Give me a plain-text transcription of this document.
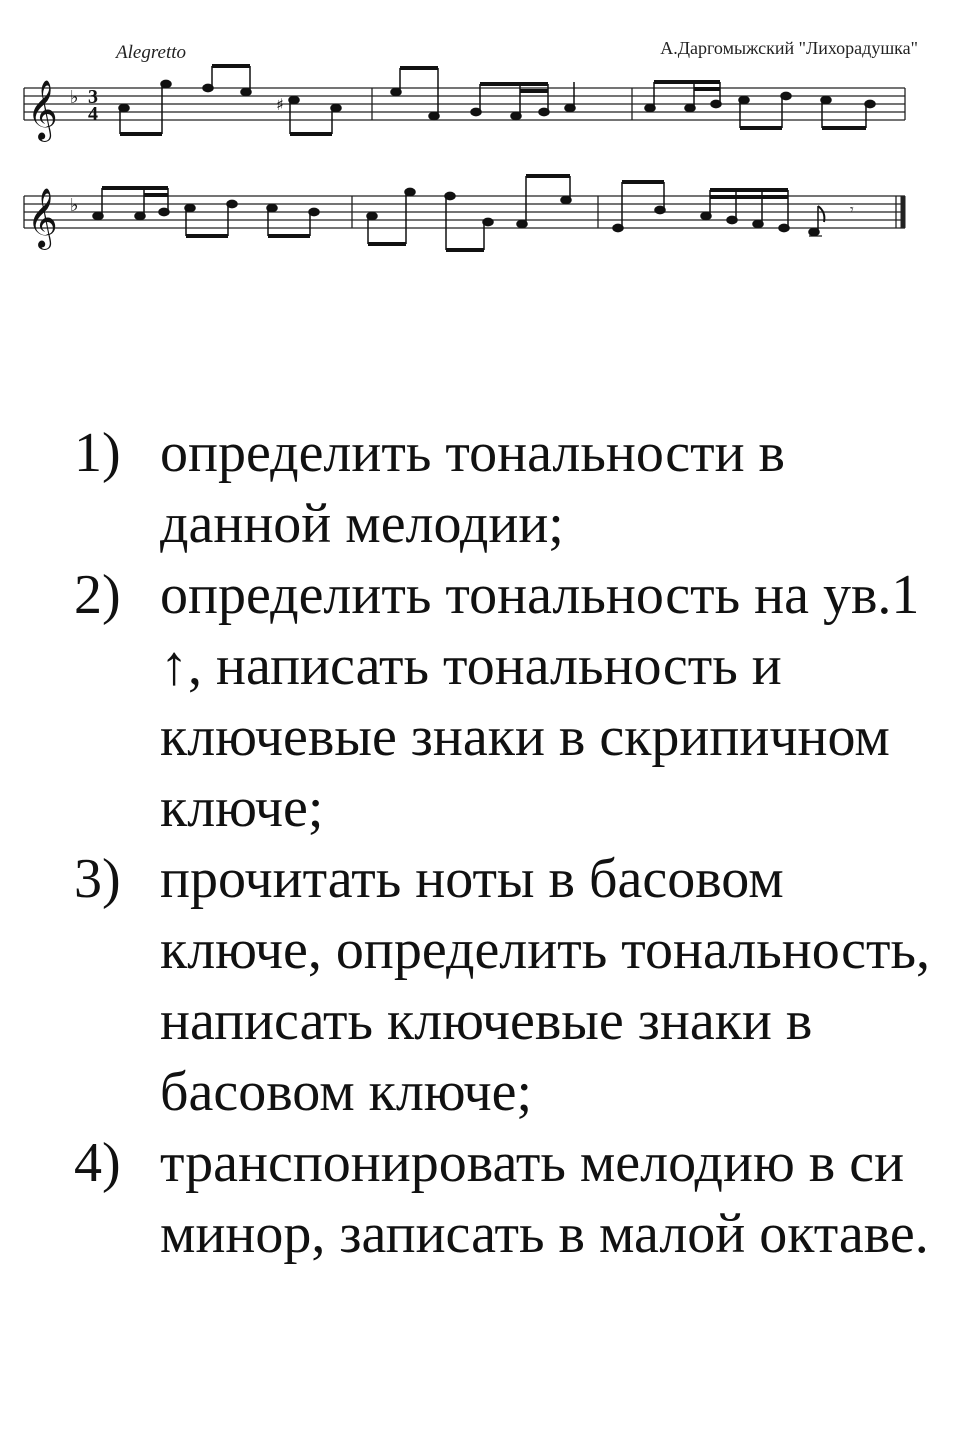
Alegretto	А.Даргомыжский "Лихорадушка"
𝄞 ♭ 3
4	♯
𝄞 ♭	𝄾
1) определить тональности в данной мелодии;
2) определить тональность на ув.1 ↑, написать тональность и ключевые знаки в скрипичном ключе;
3) прочитать ноты в басовом ключе, определить тональность, написать ключевые знаки в басовом ключе;
4) транспонировать мелодию в си минор, записать в малой октаве.
